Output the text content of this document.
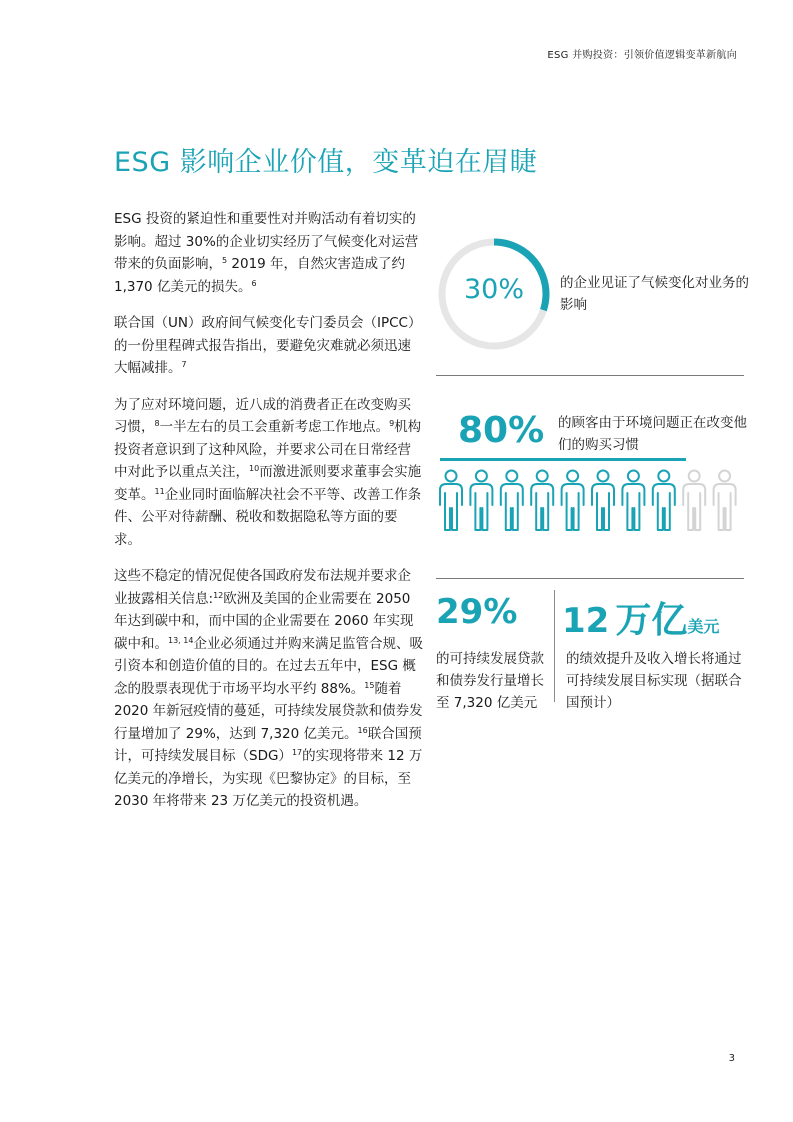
ESG 并购投资：引领价值逻辑变革新航向
ESG 影响企业价值，变革迫在眉睫

ESG 投资的紧迫性和重要性对并购活动有着切实的影响。超过 30%的企业切实经历了气候变化对运营带来的负面影响，$^5$ 2019 年，自然灾害造成了约 1,370 亿美元的损失。$^6$

联合国（UN）政府间气候变化专门委员会（IPCC）的一份里程碑式报告指出，要避免灾难就必须迅速大幅减排。$^7$

为了应对环境问题，近八成的消费者正在改变购买习惯，$^8$一半左右的员工会重新考虑工作地点。$^9$机构投资者意识到了这种风险，并要求公司在日常经营中对此予以重点关注，$^{10}$而激进派则要求董事会实施变革。$^{11}$企业同时面临解决社会不平等、改善工作条件、公平对待薪酬、税收和数据隐私等方面的要求。

这些不稳定的情况促使各国政府发布法规并要求企业披露相关信息:$^{12}$欧洲及美国的企业需要在 2050 年达到碳中和，而中国的企业需要在 2060 年实现碳中和。$^{13, 14}$企业必须通过并购来满足监管合规、吸引资本和创造价值的目的。在过去五年中，ESG 概念的股票表现优于市场平均水平约 88%。$^{15}$随着 2020 年新冠疫情的蔓延，可持续发展贷款和债券发行量增加了 29%，达到 7,320 亿美元。$^{16}$联合国预计，可持续发展目标（SDG）$^{17}$的实现将带来 12 万亿美元的净增长，为实现《巴黎协定》的目标，至 2030 年将带来 23 万亿美元的投资机遇。

30%	的企业见证了气候变化对业务的影响
80% 的顾客由于环境问题正在改变他们的购买习惯
29%
的可持续发展贷款和债券发行量增长至 7,320 亿美元
12 万亿美元
的绩效提升及收入增长将通过可持续发展目标实现（据联合国预计）
3
